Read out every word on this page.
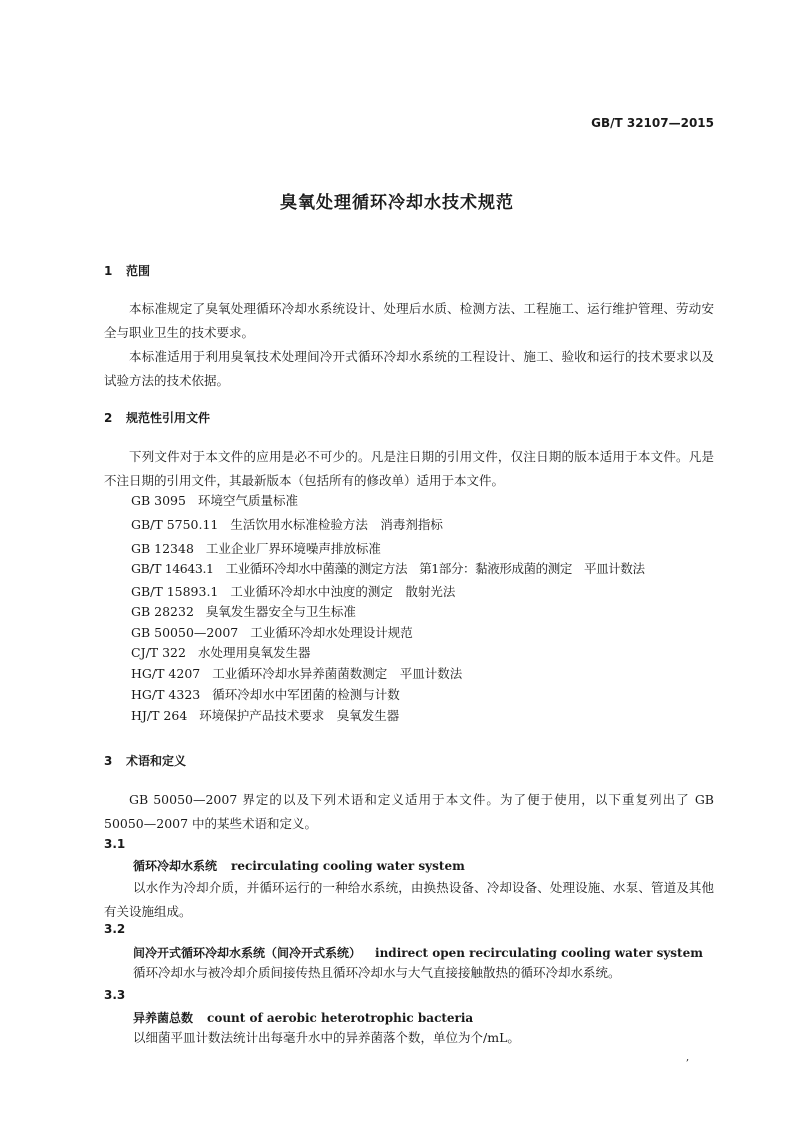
GB/T 32107—2015
臭氧处理循环冷却水技术规范
1 范围
本标准规定了臭氧处理循环冷却水系统设计、处理后水质、检测方法、工程施工、运行维护管理、劳动安全与职业卫生的技术要求。
本标准适用于利用臭氧技术处理间冷开式循环冷却水系统的工程设计、施工、验收和运行的技术要求以及试验方法的技术依据。
2 规范性引用文件
下列文件对于本文件的应用是必不可少的。凡是注日期的引用文件，仅注日期的版本适用于本文件。凡是不注日期的引用文件，其最新版本（包括所有的修改单）适用于本文件。
GB 3095 环境空气质量标准
GB/T 5750.11 生活饮用水标准检验方法　消毒剂指标
GB 12348 工业企业厂界环境噪声排放标准
GB/T 14643.1 工业循环冷却水中菌藻的测定方法　第1部分：黏液形成菌的测定　平皿计数法
GB/T 15893.1 工业循环冷却水中浊度的测定　散射光法
GB 28232 臭氧发生器安全与卫生标准
GB 50050—2007 工业循环冷却水处理设计规范
CJ/T 322 水处理用臭氧发生器
HG/T 4207 工业循环冷却水异养菌菌数测定　平皿计数法
HG/T 4323 循环冷却水中军团菌的检测与计数
HJ/T 264 环境保护产品技术要求　臭氧发生器
3 术语和定义
GB 50050—2007 界定的以及下列术语和定义适用于本文件。为了便于使用，以下重复列出了 GB 50050—2007 中的某些术语和定义。
3.1
循环冷却水系统 recirculating cooling water system
以水作为冷却介质，并循环运行的一种给水系统，由换热设备、冷却设备、处理设施、水泵、管道及其他有关设施组成。
3.2
间冷开式循环冷却水系统（间冷开式系统） indirect open recirculating cooling water system
循环冷却水与被冷却介质间接传热且循环冷却水与大气直接接触散热的循环冷却水系统。
3.3
异养菌总数 count of aerobic heterotrophic bacteria
以细菌平皿计数法统计出每毫升水中的异养菌落个数，单位为个/mL。
,
